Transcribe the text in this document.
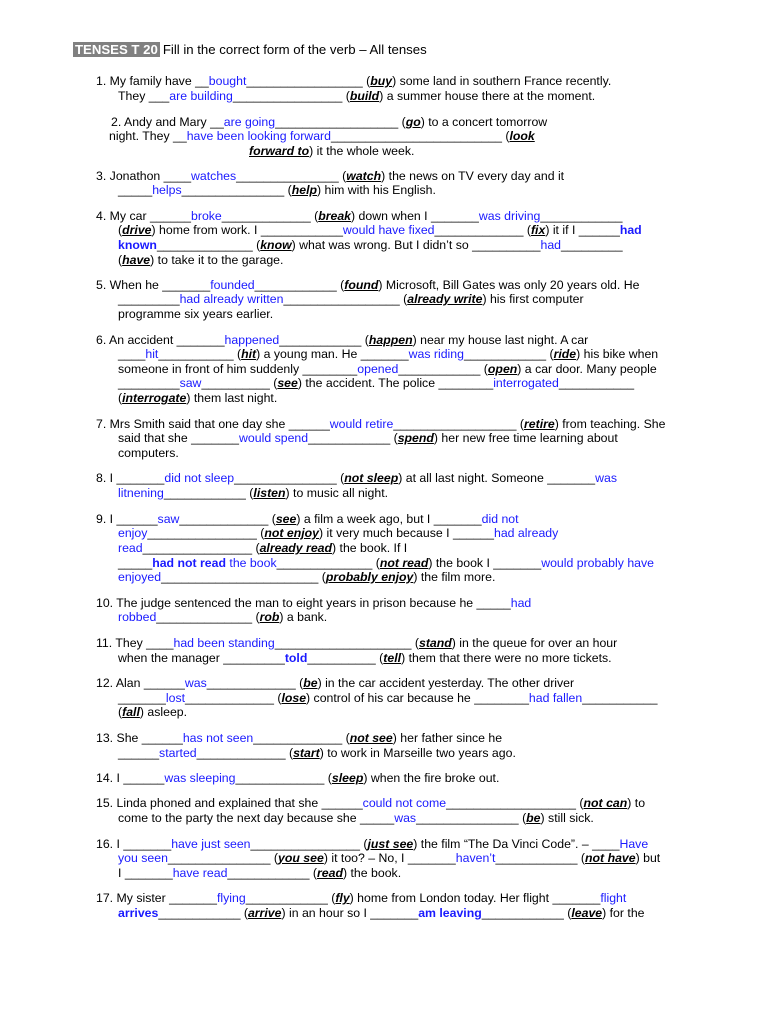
TENSES T 20 Fill in the correct form of the verb – All tenses
1. My family have __bought_________________ (buy) some land in southern France recently.
They ___are building________________ (build) a summer house there at the moment.
2. Andy and Mary __are going__________________ (go) to a concert tomorrow
night. They __have been looking forward_________________________ (look
forward to) it the whole week.
3. Jonathon ____watches_______________ (watch) the news on TV every day and it
_____helps_______________ (help) him with his English.
4. My car ______broke_____________ (break) down when I _______was driving____________
(drive) home from work. I ____________would have fixed_____________ (fix) it if I ______had
known______________ (know) what was wrong. But I didn’t so __________had_________
(have) to take it to the garage.
5. When he _______founded____________ (found) Microsoft, Bill Gates was only 20 years old. He
_________had already written_________________ (already write) his first computer
programme six years earlier.
6. An accident _______happened____________ (happen) near my house last night. A car
____hit___________ (hit) a young man. He _______was riding____________ (ride) his bike when
someone in front of him suddenly ________opened____________ (open) a car door. Many people
_________saw__________ (see) the accident. The police ________interrogated___________
(interrogate) them last night.
7. Mrs Smith said that one day she ______would retire__________________ (retire) from teaching. She
said that she _______would spend____________ (spend) her new free time learning about
computers.
8. I _______did not sleep_______________ (not sleep) at all last night. Someone _______was
litnening____________ (listen) to music all night.
9. I ______saw_____________ (see) a film a week ago, but I _______did not
enjoy________________ (not enjoy) it very much because I ______had already
read________________ (already read) the book. If I
_____had not read the book______________ (not read) the book I _______would probably have
enjoyed_______________________ (probably enjoy) the film more.
10. The judge sentenced the man to eight years in prison because he _____had
robbed______________ (rob) a bank.
11. They ____had been standing____________________ (stand) in the queue for over an hour
when the manager _________told__________ (tell) them that there were no more tickets.
12. Alan ______was_____________ (be) in the car accident yesterday. The other driver
_______lost_____________ (lose) control of his car because he ________had fallen___________
(fall) asleep.
13. She ______has not seen_____________ (not see) her father since he
______started_____________ (start) to work in Marseille two years ago.
14. I ______was sleeping_____________ (sleep) when the fire broke out.
15. Linda phoned and explained that she ______could not come___________________ (not can) to
come to the party the next day because she _____was_______________ (be) still sick.
16. I _______have just seen________________ (just see) the film “The Da Vinci Code”. – ____Have
you seen_______________ (you see) it too? – No, I _______haven’t____________ (not have) but
I _______have read____________ (read) the book.
17. My sister _______flying____________ (fly) home from London today. Her flight _______flight
arrives____________ (arrive) in an hour so I _______am leaving____________ (leave) for the
